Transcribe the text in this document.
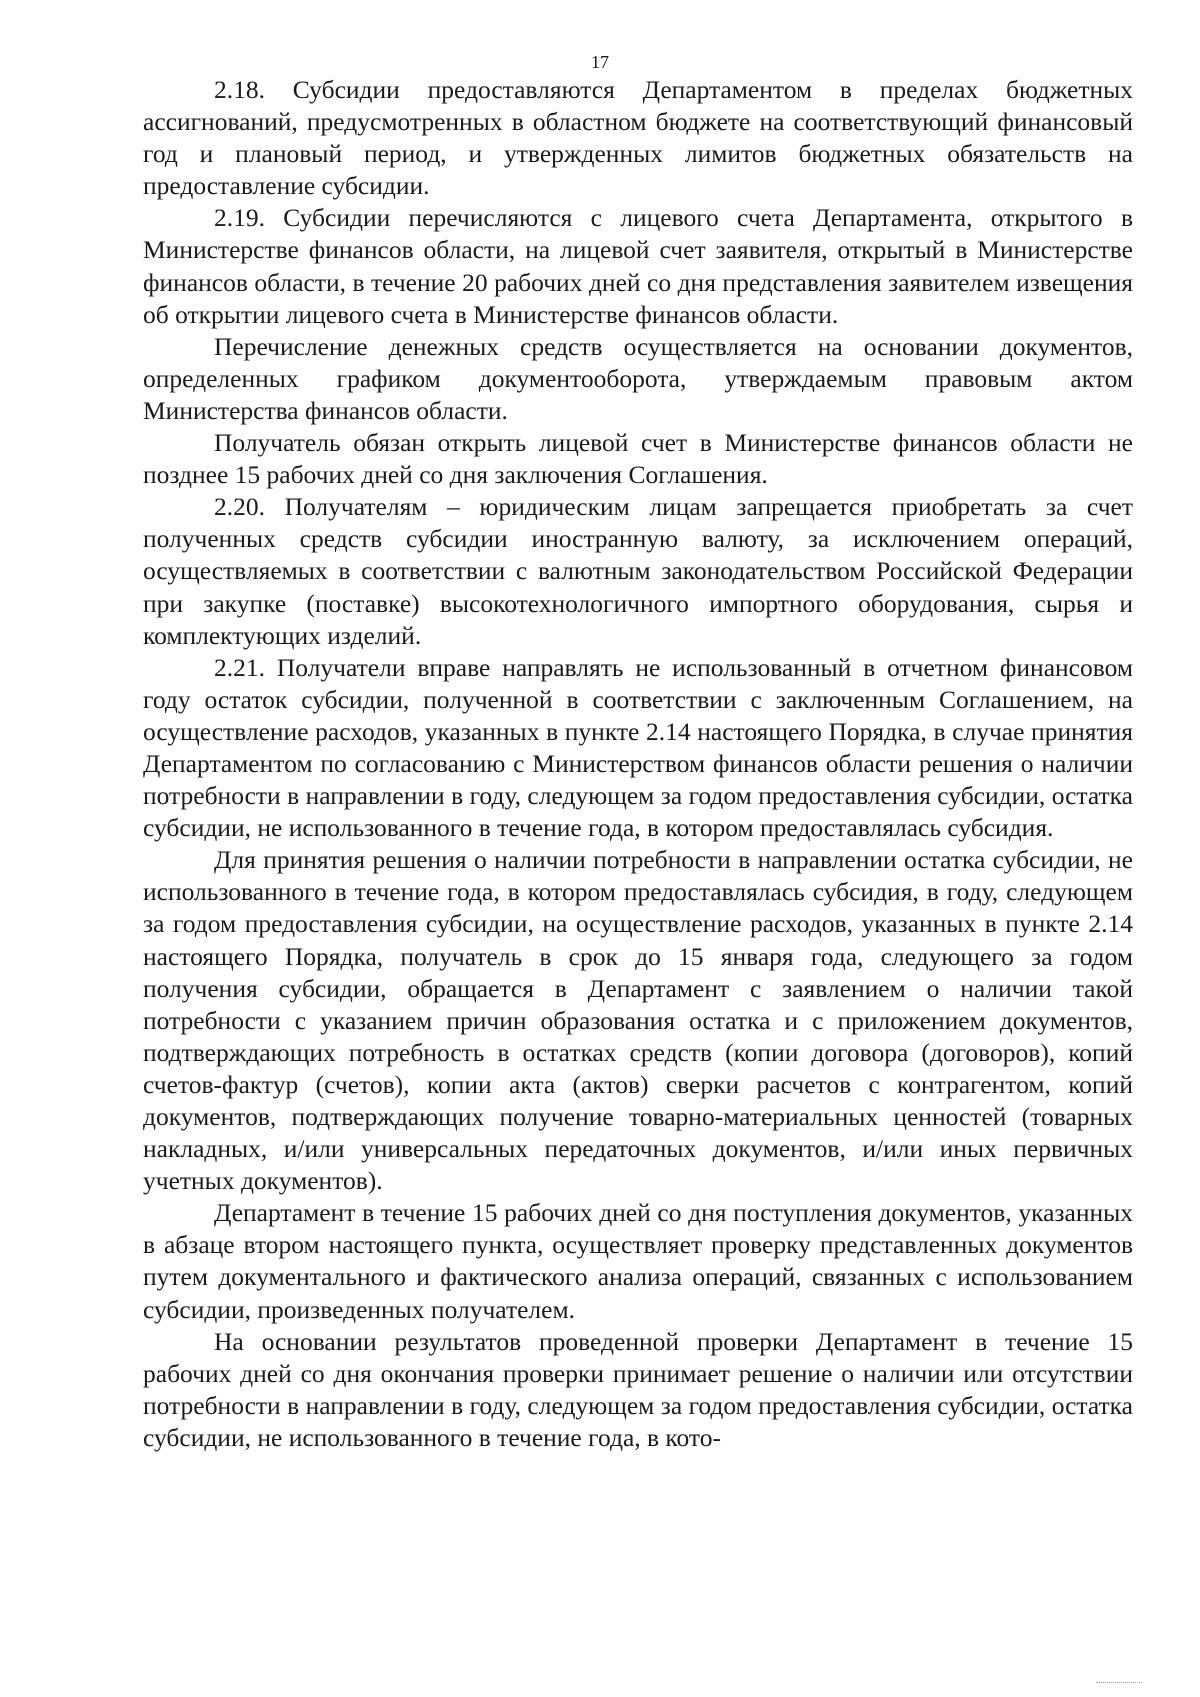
17

2.18. Субсидии предоставляются Департаментом в пределах бюджетных ассигнований, предусмотренных в областном бюджете на соответствующий финансовый год и плановый период, и утвержденных лимитов бюджетных обязательств на предоставление субсидии.

2.19. Субсидии перечисляются с лицевого счета Департамента, открытого в Министерстве финансов области, на лицевой счет заявителя, открытый в Министерстве финансов области, в течение 20 рабочих дней со дня представления заявителем извещения об открытии лицевого счета в Министерстве финансов области.

Перечисление денежных средств осуществляется на основании документов, определенных графиком документооборота, утверждаемым правовым актом Министерства финансов области.

Получатель обязан открыть лицевой счет в Министерстве финансов области не позднее 15 рабочих дней со дня заключения Соглашения.

2.20. Получателям – юридическим лицам запрещается приобретать за счет полученных средств субсидии иностранную валюту, за исключением операций, осуществляемых в соответствии с валютным законодательством Российской Федерации при закупке (поставке) высокотехнологичного импортного оборудования, сырья и комплектующих изделий.

2.21. Получатели вправе направлять не использованный в отчетном финансовом году остаток субсидии, полученной в соответствии с заключенным Соглашением, на осуществление расходов, указанных в пункте 2.14 настоящего Порядка, в случае принятия Департаментом по согласованию с Министерством финансов области решения о наличии потребности в направлении в году, следующем за годом предоставления субсидии, остатка субсидии, не использованного в течение года, в котором предоставлялась субсидия.

Для принятия решения о наличии потребности в направлении остатка субсидии, не использованного в течение года, в котором предоставлялась субсидия, в году, следующем за годом предоставления субсидии, на осуществление расходов, указанных в пункте 2.14 настоящего Порядка, получатель в срок до 15 января года, следующего за годом получения субсидии, обращается в Департамент с заявлением о наличии такой потребности с указанием причин образования остатка и с приложением документов, подтверждающих потребность в остатках средств (копии договора (договоров), копий счетов-фактур (счетов), копии акта (актов) сверки расчетов с контрагентом, копий документов, подтверждающих получение товарно-материальных ценностей (товарных накладных, и/или универсальных передаточных документов, и/или иных первичных учетных документов).

Департамент в течение 15 рабочих дней со дня поступления документов, указанных в абзаце втором настоящего пункта, осуществляет проверку представленных документов путем документального и фактического анализа операций, связанных с использованием субсидии, произведенных получателем.

На основании результатов проведенной проверки Департамент в течение 15 рабочих дней со дня окончания проверки принимает решение о наличии или отсутствии потребности в направлении в году, следующем за годом предоставления субсидии, остатка субсидии, не использованного в течение года, в кото-
